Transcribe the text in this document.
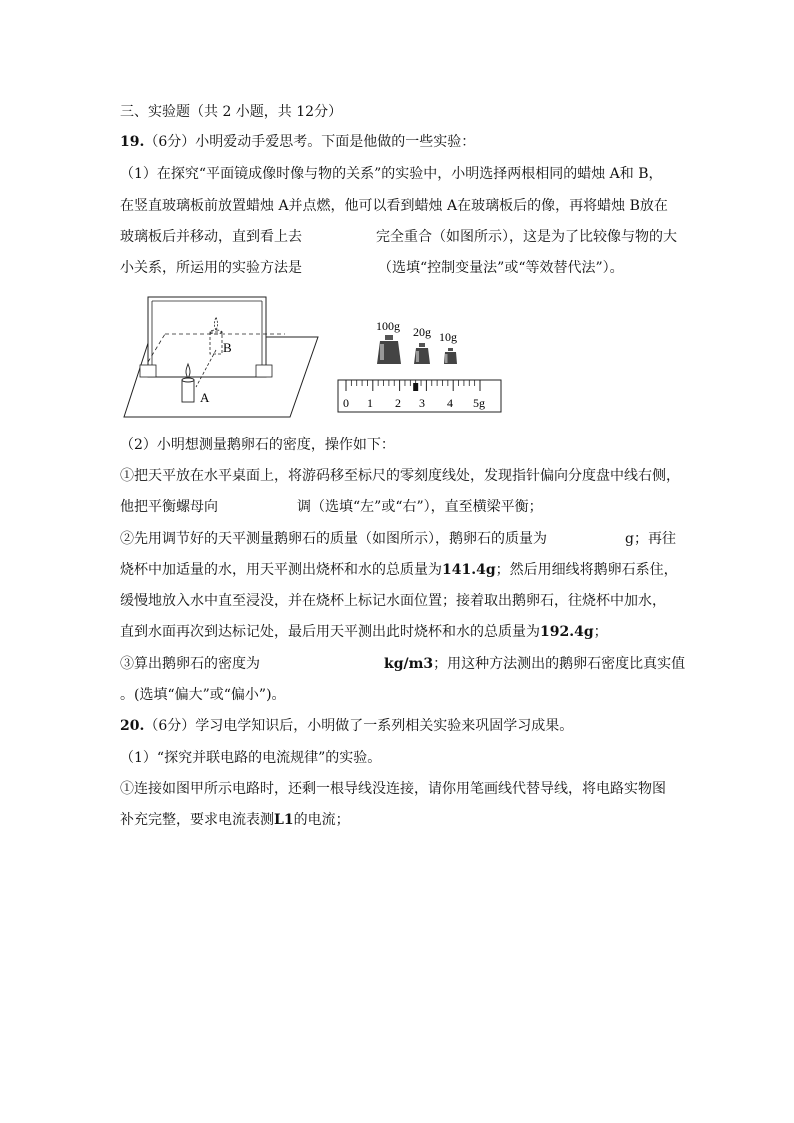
三、实验题（共 2 小题，共 12分）
19.（6分）小明爱动手爱思考。下面是他做的一些实验：
（1）在探究“平面镜成像时像与物的关系”的实验中，小明选择两根相同的蜡烛 A和 B，
在竖直玻璃板前放置蜡烛 A并点燃，他可以看到蜡烛 A在玻璃板后的像，再将蜡烛 B放在
玻璃板后并移动，直到看上去	完全重合（如图所示），这是为了比较像与物的大
小关系，所运用的实验方法是	（选填“控制变量法”或“等效替代法”）。
B
A
100g 20g 10g
0 1 2 3 4 5g
（2）小明想测量鹅卵石的密度，操作如下：
①把天平放在水平桌面上，将游码移至标尺的零刻度线处，发现指针偏向分度盘中线右侧，
他把平衡螺母向	调（选填“左”或“右”），直至横梁平衡；
②先用调节好的天平测量鹅卵石的质量（如图所示），鹅卵石的质量为	g；再往
烧杯中加适量的水，用天平测出烧杯和水的总质量为141.4g；然后用细线将鹅卵石系住，
缓慢地放入水中直至浸没，并在烧杯上标记水面位置；接着取出鹅卵石，往烧杯中加水，
直到水面再次到达标记处，最后用天平测出此时烧杯和水的总质量为192.4g；
③算出鹅卵石的密度为	kg/m3；用这种方法测出的鹅卵石密度比真实值
。(选填“偏大”或“偏小”)。
20.（6分）学习电学知识后，小明做了一系列相关实验来巩固学习成果。
（1）“探究并联电路的电流规律”的实验。
①连接如图甲所示电路时，还剩一根导线没连接，请你用笔画线代替导线，将电路实物图
补充完整，要求电流表测L1的电流；
